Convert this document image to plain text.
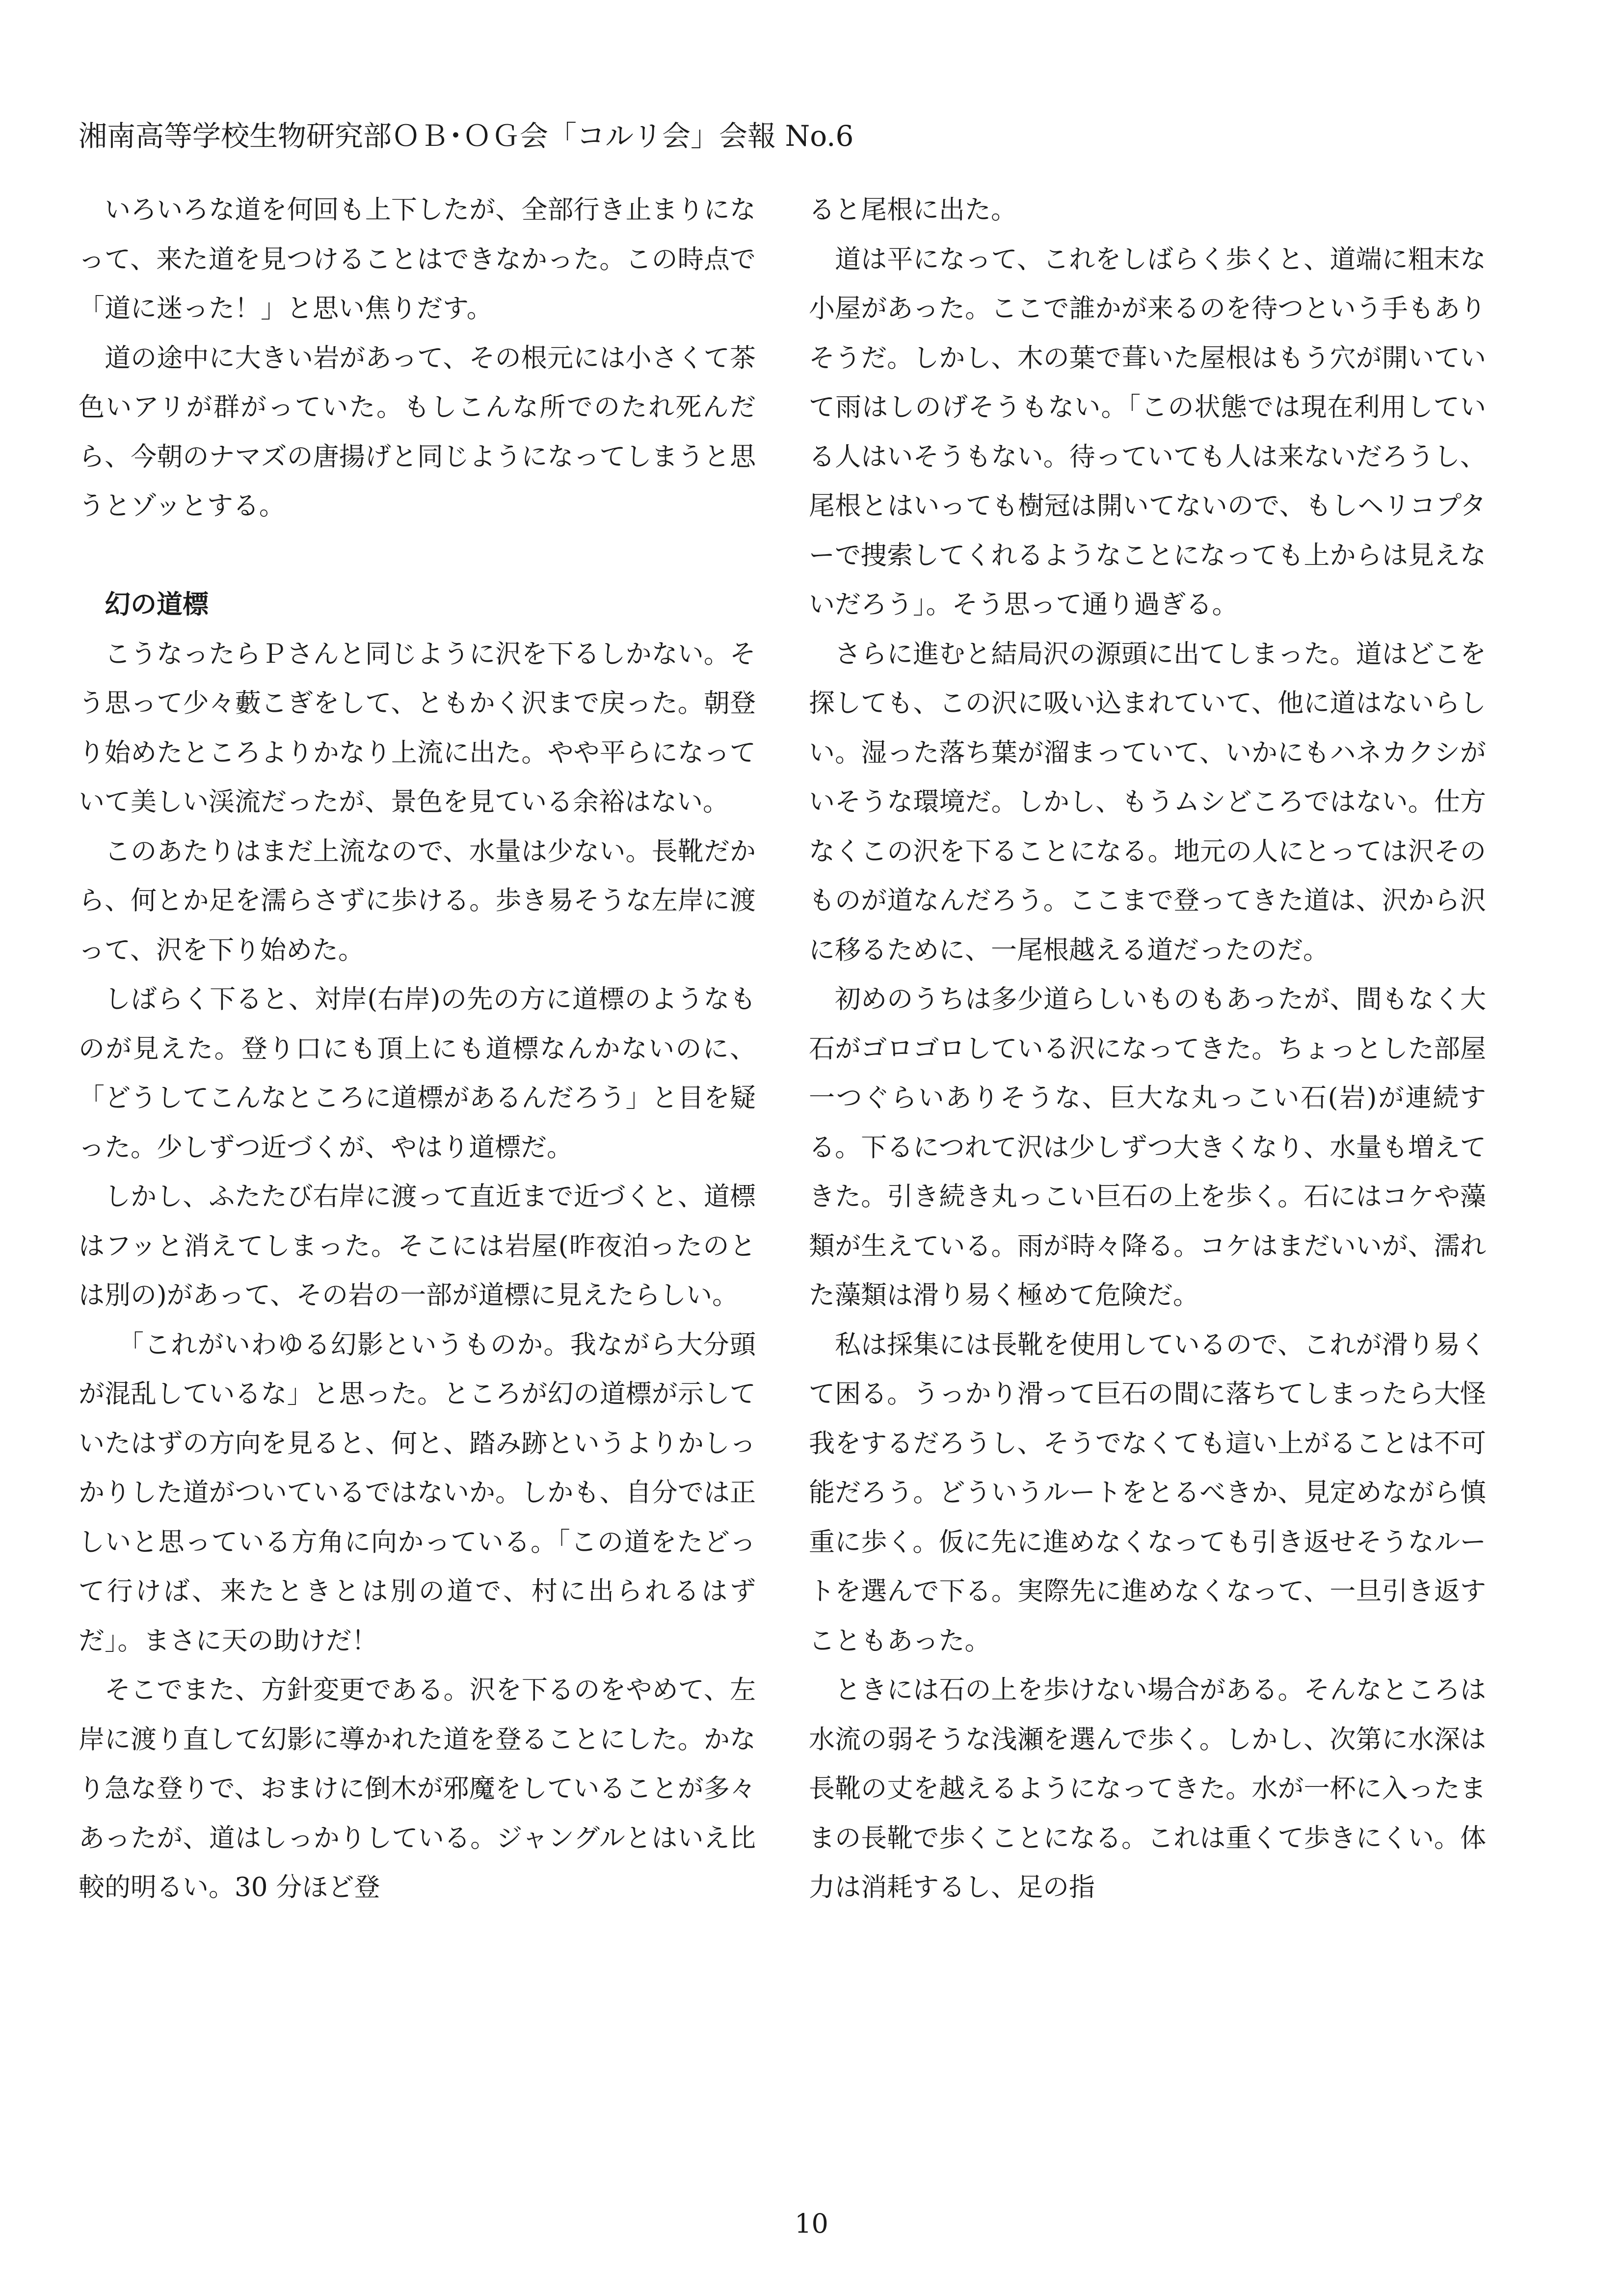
湘南高等学校生物研究部ＯＢ･ＯＧ会「コルリ会」会報 No.6

いろいろな道を何回も上下したが、全部行き止まりになって、来た道を見つけることはできなかった。この時点で「道に迷った！」と思い焦りだす。

道の途中に大きい岩があって、その根元には小さくて茶色いアリが群がっていた。もしこんな所でのたれ死んだら、今朝のナマズの唐揚げと同じようになってしまうと思うとゾッとする。

幻の道標

こうなったらＰさんと同じように沢を下るしかない。そう思って少々藪こぎをして、ともかく沢まで戻った。朝登り始めたところよりかなり上流に出た。やや平らになっていて美しい渓流だったが、景色を見ている余裕はない。

このあたりはまだ上流なので、水量は少ない。長靴だから、何とか足を濡らさずに歩ける。歩き易そうな左岸に渡って、沢を下り始めた。

しばらく下ると、対岸(右岸)の先の方に道標のようなものが見えた。登り口にも頂上にも道標なんかないのに、「どうしてこんなところに道標があるんだろう」と目を疑った。少しずつ近づくが、やはり道標だ。

しかし、ふたたび右岸に渡って直近まで近づくと、道標はフッと消えてしまった。そこには岩屋(昨夜泊ったのとは別の)があって、その岩の一部が道標に見えたらしい。

「これがいわゆる幻影というものか。我ながら大分頭が混乱しているな」と思った。ところが幻の道標が示していたはずの方向を見ると、何と、踏み跡というよりかしっかりした道がついているではないか。しかも、自分では正しいと思っている方角に向かっている。「この道をたどって行けば、来たときとは別の道で、村に出られるはずだ」。まさに天の助けだ！

そこでまた、方針変更である。沢を下るのをやめて、左岸に渡り直して幻影に導かれた道を登ることにした。かなり急な登りで、おまけに倒木が邪魔をしていることが多々あったが、道はしっかりしている。ジャングルとはいえ比較的明るい。30 分ほど登

ると尾根に出た。

道は平になって、これをしばらく歩くと、道端に粗末な小屋があった。ここで誰かが来るのを待つという手もありそうだ。しかし、木の葉で葺いた屋根はもう穴が開いていて雨はしのげそうもない。「この状態では現在利用している人はいそうもない。待っていても人は来ないだろうし、尾根とはいっても樹冠は開いてないので、もしヘリコプターで捜索してくれるようなことになっても上からは見えないだろう」。そう思って通り過ぎる。

さらに進むと結局沢の源頭に出てしまった。道はどこを探しても、この沢に吸い込まれていて、他に道はないらしい。湿った落ち葉が溜まっていて、いかにもハネカクシがいそうな環境だ。しかし、もうムシどころではない。仕方なくこの沢を下ることになる。地元の人にとっては沢そのものが道なんだろう。ここまで登ってきた道は、沢から沢に移るために、一尾根越える道だったのだ。

初めのうちは多少道らしいものもあったが、間もなく大石がゴロゴロしている沢になってきた。ちょっとした部屋一つぐらいありそうな、巨大な丸っこい石(岩)が連続する。下るにつれて沢は少しずつ大きくなり、水量も増えてきた。引き続き丸っこい巨石の上を歩く。石にはコケや藻類が生えている。雨が時々降る。コケはまだいいが、濡れた藻類は滑り易く極めて危険だ。

私は採集には長靴を使用しているので、これが滑り易くて困る。うっかり滑って巨石の間に落ちてしまったら大怪我をするだろうし、そうでなくても這い上がることは不可能だろう。どういうルートをとるべきか、見定めながら慎重に歩く。仮に先に進めなくなっても引き返せそうなルートを選んで下る。実際先に進めなくなって、一旦引き返すこともあった。

ときには石の上を歩けない場合がある。そんなところは水流の弱そうな浅瀬を選んで歩く。しかし、次第に水深は長靴の丈を越えるようになってきた。水が一杯に入ったままの長靴で歩くことになる。これは重くて歩きにくい。体力は消耗するし、足の指

10
